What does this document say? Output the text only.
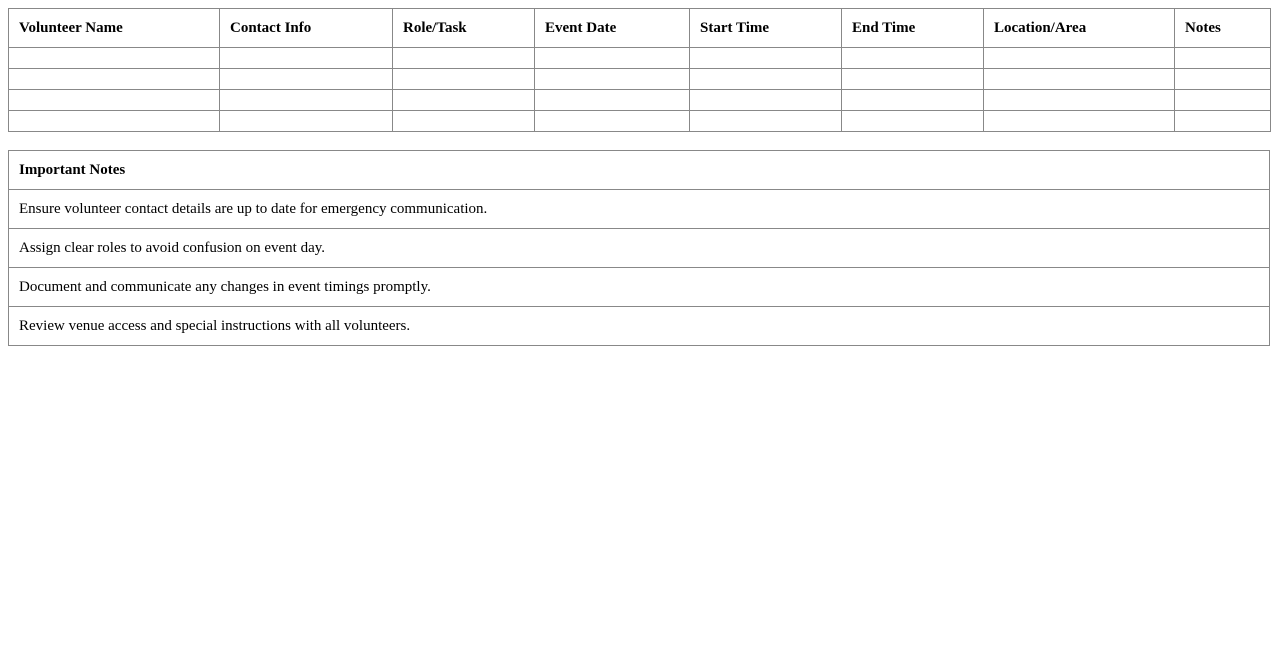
Volunteer Name	Contact Info	Role/Task	Event Date	Start Time	End Time	Location/Area	Notes

Important Notes
Ensure volunteer contact details are up to date for emergency communication.
Assign clear roles to avoid confusion on event day.
Document and communicate any changes in event timings promptly.
Review venue access and special instructions with all volunteers.
